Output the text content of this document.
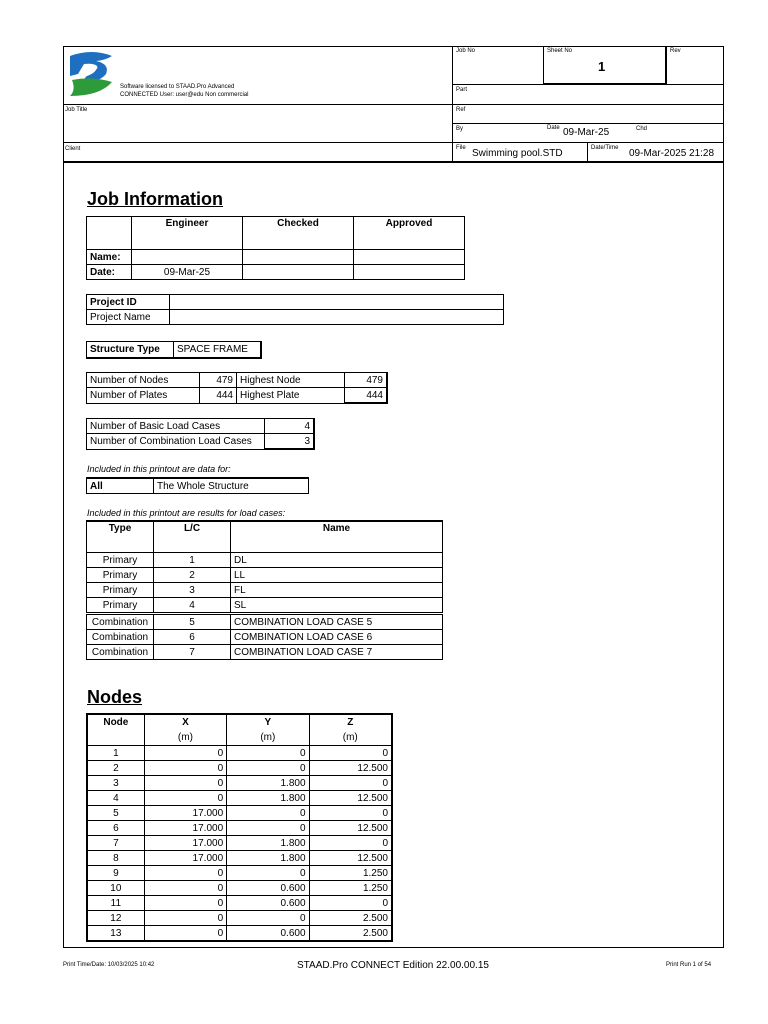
Software licensed to STAAD.Pro Advanced
CONNECTED User: user@edu Non commercial
Job No	Sheet No
1
Rev
Part
Job Title	Ref
By	Date 09-Mar-25	Chd
Client	File Swimming pool.STD	Date/Time 09-Mar-2025 21:28
Job Information
	Engineer	Checked	Approved
Name:			
Date:	09-Mar-25		
Project ID	
Project Name	
Structure Type	SPACE FRAME
Number of Nodes	479	Highest Node	479
Number of Plates	444	Highest Plate	444
Number of Basic Load Cases	4
Number of Combination Load Cases	3
Included in this printout are data for:
All	The Whole Structure
Included in this printout are results for load cases:
Type	L/C	Name
Primary	1	DL
Primary	2	LL
Primary	3	FL
Primary	4	SL
Combination	5	COMBINATION LOAD CASE 5
Combination	6	COMBINATION LOAD CASE 6
Combination	7	COMBINATION LOAD CASE 7
Nodes
Node	X	Y	Z
	(m)	(m)	(m)
1	0	0	0
2	0	0	12.500
3	0	1.800	0
4	0	1.800	12.500
5	17.000	0	0
6	17.000	0	12.500
7	17.000	1.800	0
8	17.000	1.800	12.500
9	0	0	1.250
10	0	0.600	1.250
11	0	0.600	0
12	0	0	2.500
13	0	0.600	2.500
Print Time/Date: 10/03/2025 10:42	STAAD.Pro CONNECT Edition 22.00.00.15	Print Run 1 of 54
